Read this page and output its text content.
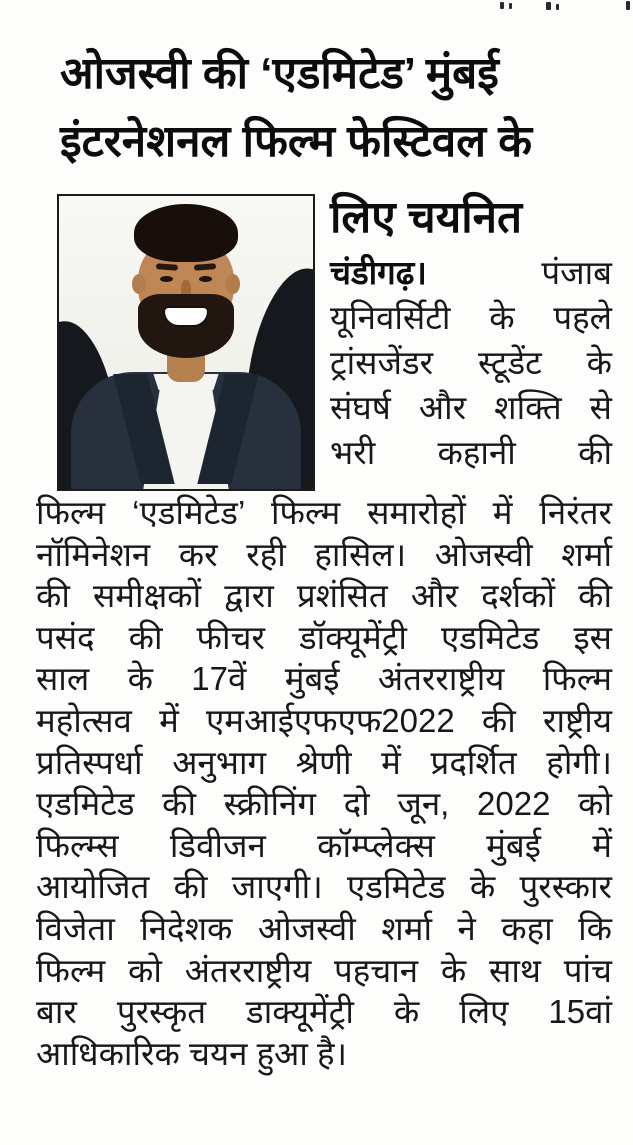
ओजस्वी की ‘एडमिटेड’ मुंबई
इंटरनेशनल फिल्म फेस्टिवल के
लिए चयनित
चंडीगढ़।	पंजाब
यूनिवर्सिटी के पहले
ट्रांसजेंडर स्टूडेंट के
संघर्ष और शक्ति से
भरी कहानी की
फिल्म ‘एडमिटेड’ फिल्म समारोहों में निरंतर
नॉमिनेशन कर रही हासिल। ओजस्वी शर्मा
की समीक्षकों द्वारा प्रशंसित और दर्शकों की
पसंद की फीचर डॉक्यूमेंट्री एडमिटेड इस
साल के 17वें मुंबई अंतरराष्ट्रीय फिल्म
महोत्सव में एमआईएफएफ2022 की राष्ट्रीय
प्रतिस्पर्धा अनुभाग श्रेणी में प्रदर्शित होगी।
एडमिटेड की स्क्रीनिंग दो जून, 2022 को
फिल्म्स डिवीजन कॉम्प्लेक्स मुंबई में
आयोजित की जाएगी। एडमिटेड के पुरस्कार
विजेता निदेशक ओजस्वी शर्मा ने कहा कि
फिल्म को अंतरराष्ट्रीय पहचान के साथ पांच
बार पुरस्कृत डाक्यूमेंट्री के लिए 15वां
आधिकारिक चयन हुआ है।
